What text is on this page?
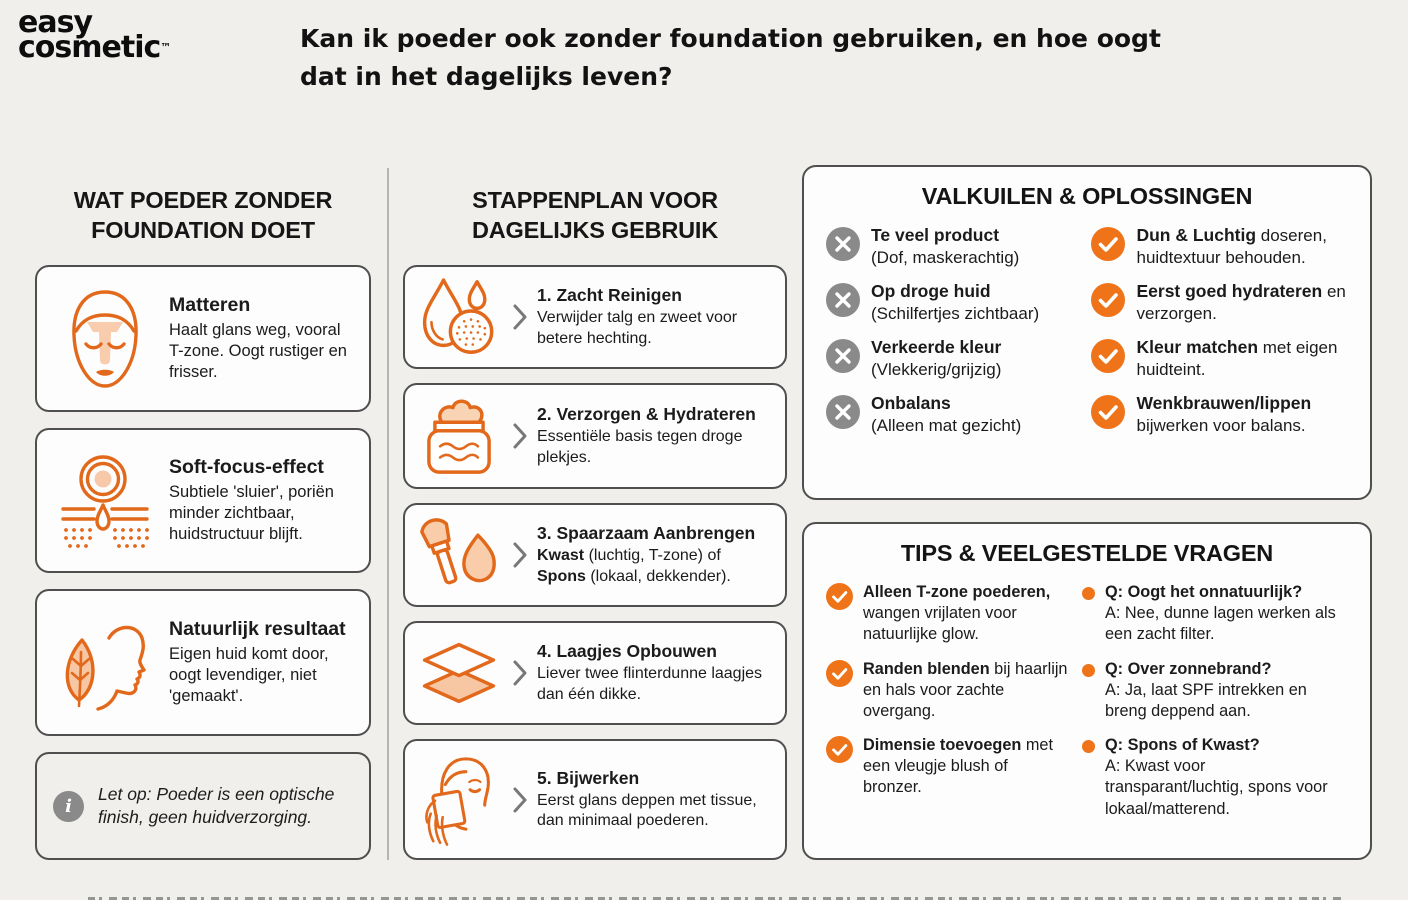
easy
cosmetic™	Kan ik poeder ook zonder foundation gebruiken, en hoe oogt
dat in het dagelijks leven?
WAT POEDER ZONDER FOUNDATION DOET
Matteren
Haalt glans weg, vooral T-zone. Oogt rustiger en frisser.
Soft-focus-effect
Subtiele 'sluier', poriën minder zichtbaar, huidstructuur blijft.
Natuurlijk resultaat
Eigen huid komt door, oogt levendiger, niet 'gemaakt'.
i
Let op: Poeder is een optische finish, geen huidverzorging.
STAPPENPLAN VOOR DAGELIJKS GEBRUIK
1. Zacht Reinigen
Verwijder talg en zweet voor betere hechting.
2. Verzorgen & Hydrateren
Essentiële basis tegen droge plekjes.
3. Spaarzaam Aanbrengen
Kwast (luchtig, T-zone) of Spons (lokaal, dekkender).
4. Laagjes Opbouwen
Liever twee flinterdunne laagjes dan één dikke.
5. Bijwerken
Eerst glans deppen met tissue, dan minimaal poederen.
VALKUILEN & OPLOSSINGEN
Te veel product
(Dof, maskerachtig)
Dun & Luchtig doseren, huidtextuur behouden.
Op droge huid
(Schilfertjes zichtbaar)
Eerst goed hydrateren en verzorgen.
Verkeerde kleur
(Vlekkerig/grijzig)
Kleur matchen met eigen huidteint.
Onbalans
(Alleen mat gezicht)
Wenkbrauwen/lippen bijwerken voor balans.
TIPS & VEELGESTELDE VRAGEN
Alleen T-zone poederen, wangen vrijlaten voor natuurlijke glow.
Q: Oogt het onnatuurlijk?
A: Nee, dunne lagen werken als een zacht filter.
Randen blenden bij haarlijn en hals voor zachte overgang.
Q: Over zonnebrand?
A: Ja, laat SPF intrekken en breng deppend aan.
Dimensie toevoegen met een vleugje blush of bronzer.
Q: Spons of Kwast?
A: Kwast voor transparant/luchtig, spons voor lokaal/matterend.
